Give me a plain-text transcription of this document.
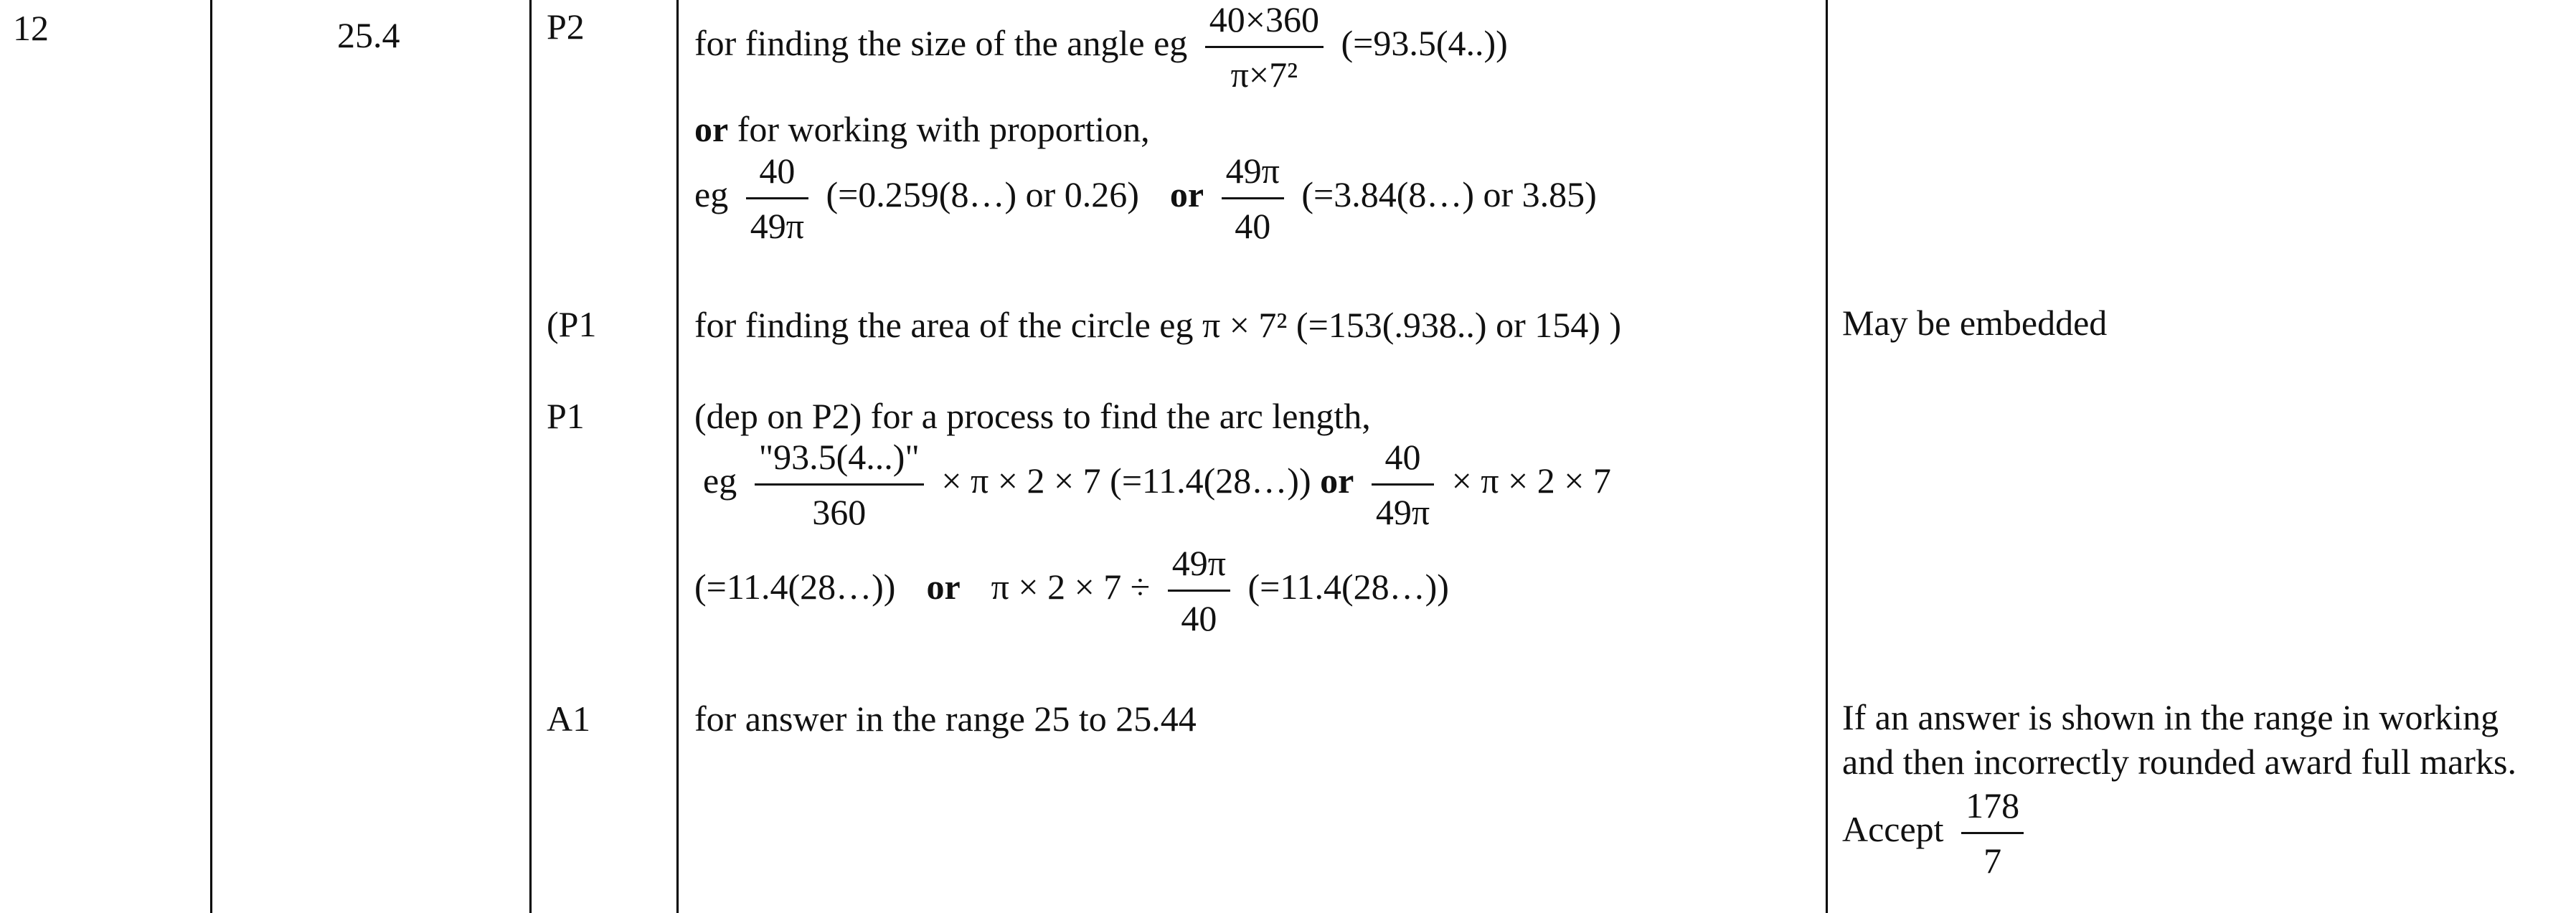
12	25.4	P2
(P1
P1
A1
for finding the size of the angle eg $\frac{40\times 360}{\text{π×7²}} (=93.5(4..))$
or for working with proportion,
eg $\frac{40}{49\pi}$ (=0.259(8…) or 0.26) or $\frac{49\pi}{40}$ (=3.84(8…) or 3.85)
for finding the area of the circle eg π × 7² (=153(.938..) or 154) )
(dep on P2) for a process to find the arc length,
eg $\frac{"93.5(4...)"}{360} \times \pi \times 2 \times 7$ (=11.4(28…)) or $\frac{40}{49\pi} \times \pi \times 2 \times 7$
(=11.4(28…)) or $\pi \times 2 \times 7 \div \frac{49\pi}{40}$ (=11.4(28…))
for answer in the range 25 to 25.44
May be embedded
If an answer is shown in the range in working
and then incorrectly rounded award full marks.
Accept $\frac{178}{7}$
